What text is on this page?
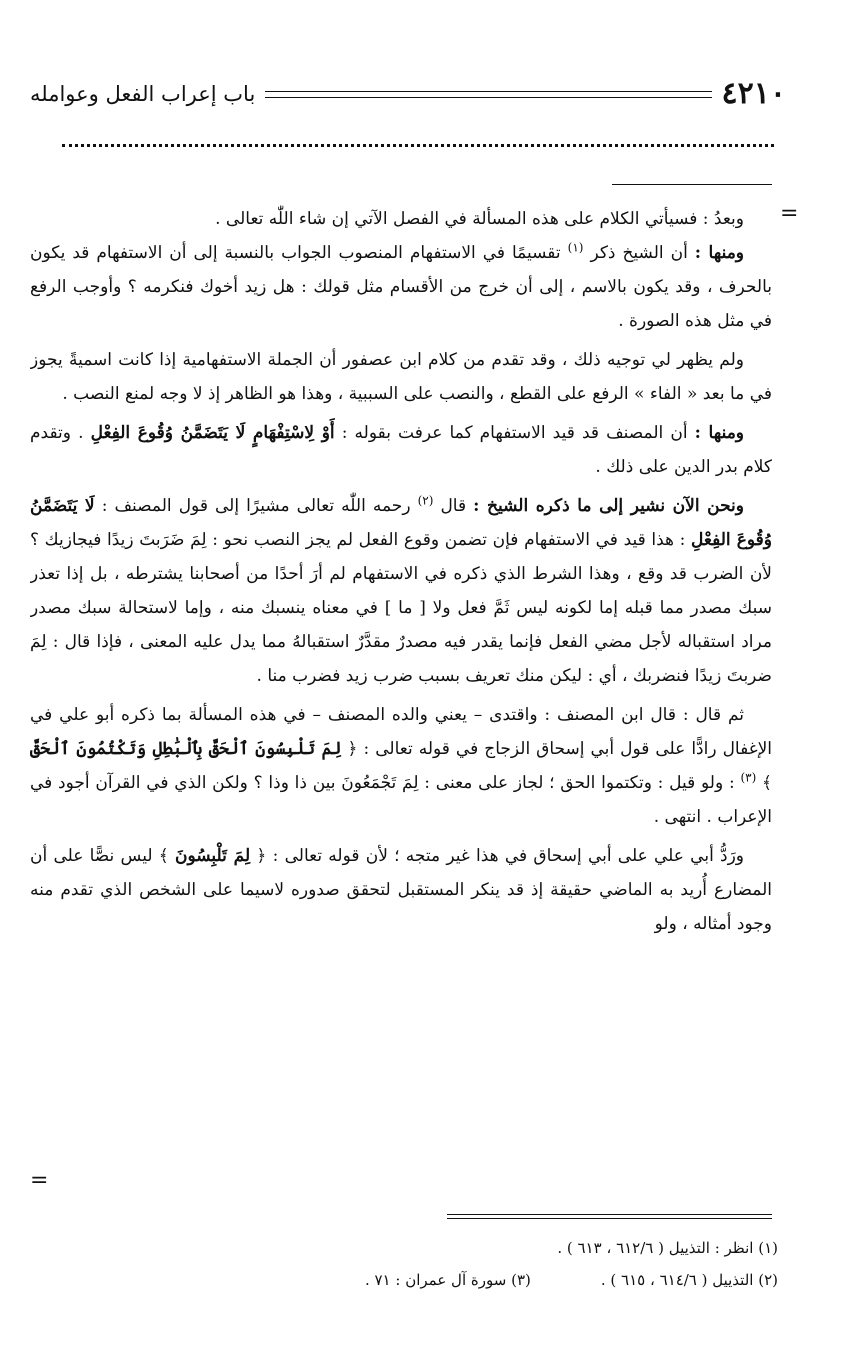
٤٢١٠
باب إعراب الفعل وعوامله
=

وبعدُ : فسيأتي الكلام على هذه المسألة في الفصل الآتي إن شاء اللّٰه تعالى .

ومنها : أن الشيخ ذكر $^{(١)}$ تقسيمًا في الاستفهام المنصوب الجواب بالنسبة إلى أن الاستفهام قد يكون بالحرف ، وقد يكون بالاسم ، إلى أن خرج من الأقسام مثل قولك : هل زيد أخوك فنكرمه ؟ وأوجب الرفع في مثل هذه الصورة .

ولم يظهر لي توجيه ذلك ، وقد تقدم من كلام ابن عصفور أن الجملة الاستفهامية إذا كانت اسميةً يجوز في ما بعد « الفاء » الرفع على القطع ، والنصب على السببية ، وهذا هو الظاهر إذ لا وجه لمنع النصب .

ومنها : أن المصنف قد قيد الاستفهام كما عرفت بقوله : أَوْ لِاسْتِفْهَامٍ لَا يَتَضَمَّنُ وُقُوعَ الفِعْلِ . وتقدم كلام بدر الدين على ذلك .

ونحن الآن نشير إلى ما ذكره الشيخ : قال $^{(٢)}$ رحمه اللّٰه تعالى مشيرًا إلى قول المصنف : لَا يَتَضَمَّنُ وُقُوعَ الفِعْلِ : هذا قيد في الاستفهام فإن تضمن وقوع الفعل لم يجز النصب نحو : لِمَ ضَرَبتَ زيدًا فيجازيك ؟ لأن الضرب قد وقع ، وهذا الشرط الذي ذكره في الاستفهام لم أرَ أحدًا من أصحابنا يشترطه ، بل إذا تعذر سبك مصدر مما قبله إما لكونه ليس ثَمَّ فعل ولا [ ما ] في معناه ينسبك منه ، وإما لاستحالة سبك مصدر مراد استقباله لأجل مضي الفعل فإنما يقدر فيه مصدرٌ مقدَّرٌ استقبالهُ مما يدل عليه المعنى ، فإذا قال : لِمَ ضربتَ زيدًا فنضربك ، أي : ليكن منك تعريف بسبب ضرب زيد فضرب منا .

ثم قال : قال ابن المصنف : واقتدى – يعني والده المصنف – في هذه المسألة بما ذكره أبو علي في الإغفال رادًّا على قول أبي إسحاق الزجاج في قوله تعالى : ﴿ لِمَ تَلْبِسُونَ ٱلْحَقَّ بِٱلْبَٰطِلِ وَتَكْتُمُونَ ٱلْحَقَّ ﴾ $^{(٣)}$ : ولو قيل : وتكتموا الحق ؛ لجاز على معنى : لِمَ تَجْمَعُونَ بين ذا وذا ؟ ولكن الذي في القرآن أجود في الإعراب . انتهى .

ورَدُّ أبي علي على أبي إسحاق في هذا غير متجه ؛ لأن قوله تعالى : ﴿ لِمَ تَلْبِسُونَ ﴾ ليس نصًّا على أن المضارع أُريد به الماضي حقيقة إذ قد ينكر المستقبل لتحقق صدوره لاسيما على الشخص الذي تقدم منه وجود أمثاله ، ولو

=
(١) انظر : التذييل ( ٦١٢/٦ ، ٦١٣ ) .
(٢) التذييل ( ٦١٤/٦ ، ٦١٥ ) .
(٣) سورة آل عمران : ٧١ .
